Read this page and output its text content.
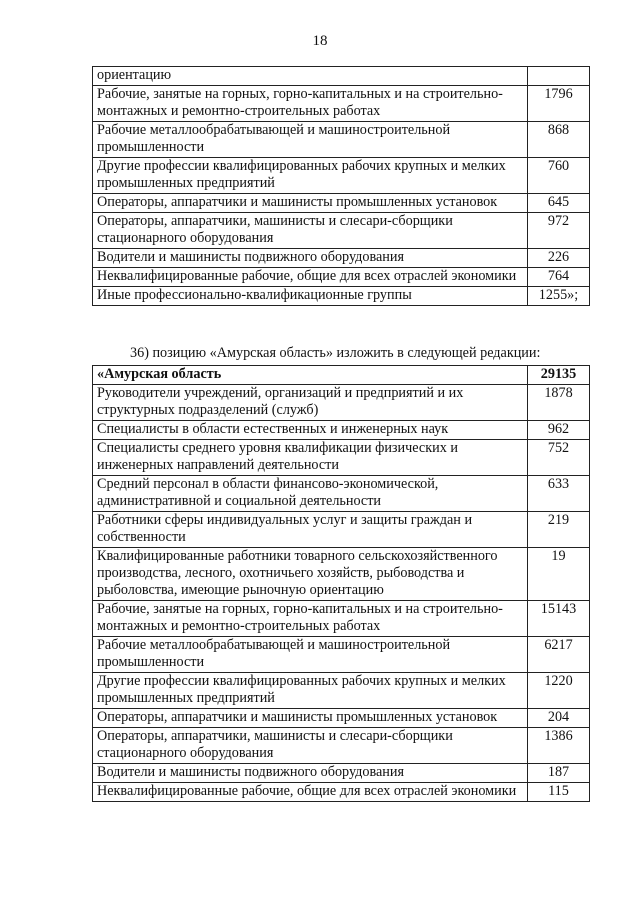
18
ориентацию	
Рабочие, занятые на горных, горно-капитальных и на строительно-монтажных и ремонтно-строительных работах	1796
Рабочие металлообрабатывающей и машиностроительной промышленности	868
Другие профессии квалифицированных рабочих крупных и мелких промышленных предприятий	760
Операторы, аппаратчики и машинисты промышленных установок	645
Операторы, аппаратчики, машинисты и слесари-сборщики стационарного оборудования	972
Водители и машинисты подвижного оборудования	226
Неквалифицированные рабочие, общие для всех отраслей экономики	764
Иные профессионально-квалификационные группы	1255»;
36) позицию «Амурская область» изложить в следующей редакции:
«Амурская область	29135
Руководители учреждений, организаций и предприятий и их структурных подразделений (служб)	1878
Специалисты в области естественных и инженерных наук	962
Специалисты среднего уровня квалификации физических и инженерных направлений деятельности	752
Средний персонал в области финансово-экономической, административной и социальной деятельности	633
Работники сферы индивидуальных услуг и защиты граждан и собственности	219
Квалифицированные работники товарного сельскохозяйственного производства, лесного, охотничьего хозяйств, рыбоводства и рыболовства, имеющие рыночную ориентацию	19
Рабочие, занятые на горных, горно-капитальных и на строительно-монтажных и ремонтно-строительных работах	15143
Рабочие металлообрабатывающей и машиностроительной промышленности	6217
Другие профессии квалифицированных рабочих крупных и мелких промышленных предприятий	1220
Операторы, аппаратчики и машинисты промышленных установок	204
Операторы, аппаратчики, машинисты и слесари-сборщики стационарного оборудования	1386
Водители и машинисты подвижного оборудования	187
Неквалифицированные рабочие, общие для всех отраслей экономики	115
